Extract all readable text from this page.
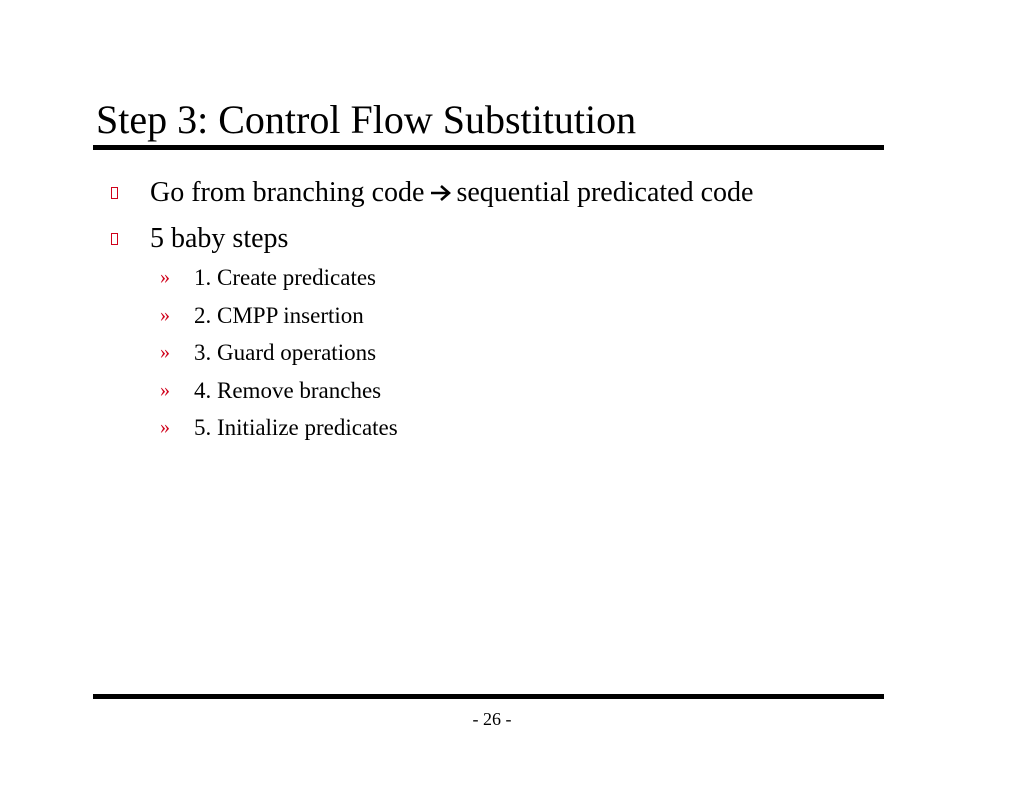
Step 3: Control Flow Substitution
Go from branching code sequential predicated code
5 baby steps
» 1. Create predicates
» 2. CMPP insertion
» 3. Guard operations
» 4. Remove branches
» 5. Initialize predicates
- 26 -
